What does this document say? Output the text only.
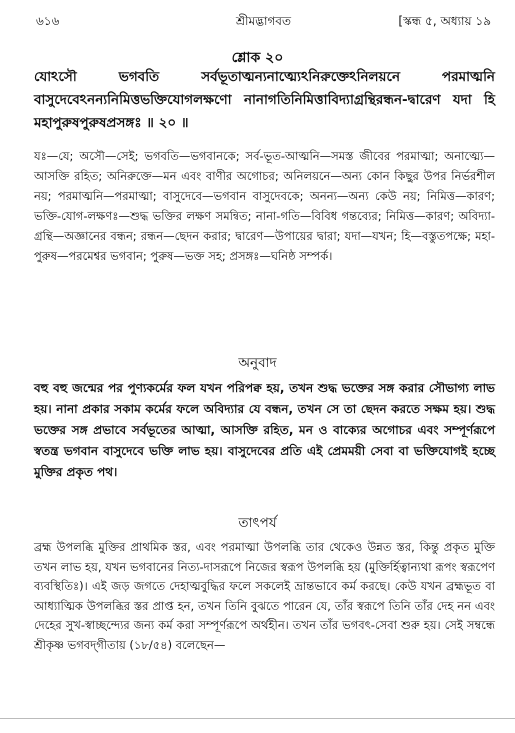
৬১৬	শ্রীমদ্ভাগবত	[স্কন্ধ ৫, অধ্যায় ১৯
শ্লোক ২০
যোঽসৌ ভগবতি সর্বভূতাত্মন্যনাত্ম্যেঽনিরুক্তেঽনিলয়নে পরমাত্মনি বাসুদেবেঽনন্যনিমিত্তভক্তিযোগলক্ষণো নানাগতিনিমিত্তাবিদ্যাগ্রন্থিরন্ধন-দ্বারেণ যদা হি মহাপুরুষপুরুষপ্রসঙ্গঃ ॥ ২০ ॥
যঃ—যে; অসৌ—সেই; ভগবতি—ভগবানকে; সর্ব-ভূত-আত্মনি—সমস্ত জীবের পরমাত্মা; অনাত্ম্যে—আসক্তি রহিত; অনিরুক্তে—মন এবং বাণীর অগোচর; অনিলয়নে—অন্য কোন কিছুর উপর নির্ভরশীল নয়; পরমাত্মনি—পরমাত্মা; বাসুদেবে—ভগবান বাসুদেবকে; অনন্য—অন্য কেউ নয়; নিমিত্ত—কারণ; ভক্তি-যোগ-লক্ষণঃ—শুদ্ধ ভক্তির লক্ষণ সমন্বিত; নানা-গতি—বিবিধ গন্তব্যের; নিমিত্ত—কারণ; অবিদ্যা-গ্রন্থি—অজ্ঞানের বন্ধন; রন্ধন—ছেদন করার; দ্বারেণ—উপায়ের দ্বারা; যদা—যখন; হি—বস্তুতপক্ষে; মহা-পুরুষ—পরমেশ্বর ভগবান; পুরুষ—ভক্ত সহ; প্রসঙ্গঃ—ঘনিষ্ঠ সম্পর্ক।
অনুবাদ
বহু বহু জন্মের পর পুণ্যকর্মের ফল যখন পরিপক্ব হয়, তখন শুদ্ধ ভক্তের সঙ্গ করার সৌভাগ্য লাভ হয়। নানা প্রকার সকাম কর্মের ফলে অবিদ্যার যে বন্ধন, তখন সে তা ছেদন করতে সক্ষম হয়। শুদ্ধ ভক্তের সঙ্গ প্রভাবে সর্বভূতের আত্মা, আসক্তি রহিত, মন ও বাক্যের অগোচর এবং সম্পূর্ণরূপে স্বতন্ত্র ভগবান বাসুদেবে ভক্তি লাভ হয়। বাসুদেবের প্রতি এই প্রেমময়ী সেবা বা ভক্তিযোগই হচ্ছে মুক্তির প্রকৃত পথ।
তাৎপর্য
ব্রহ্ম উপলব্ধি মুক্তির প্রাথমিক স্তর, এবং পরমাত্মা উপলব্ধি তার থেকেও উন্নত স্তর, কিন্তু প্রকৃত মুক্তি তখন লাভ হয়, যখন ভগবানের নিত্য-দাসরূপে নিজের স্বরূপ উপলব্ধি হয় (মুক্তির্হিত্বান্যথা রূপং স্বরূপেণ ব্যবস্থিতিঃ)। এই জড় জগতে দেহাত্মবুদ্ধির ফলে সকলেই ভ্রান্তভাবে কর্ম করছে। কেউ যখন ব্রহ্মভূত বা আধ্যাত্মিক উপলব্ধির স্তর প্রাপ্ত হন, তখন তিনি বুঝতে পারেন যে, তাঁর স্বরূপে তিনি তাঁর দেহ নন এবং দেহের সুখ-স্বাচ্ছন্দ্যের জন্য কর্ম করা সম্পূর্ণরূপে অর্থহীন। তখন তাঁর ভগবৎ-সেবা শুরু হয়। সেই সম্বন্ধে শ্রীকৃষ্ণ ভগবদ্‌গীতায় (১৮/৫৪) বলেছেন—
